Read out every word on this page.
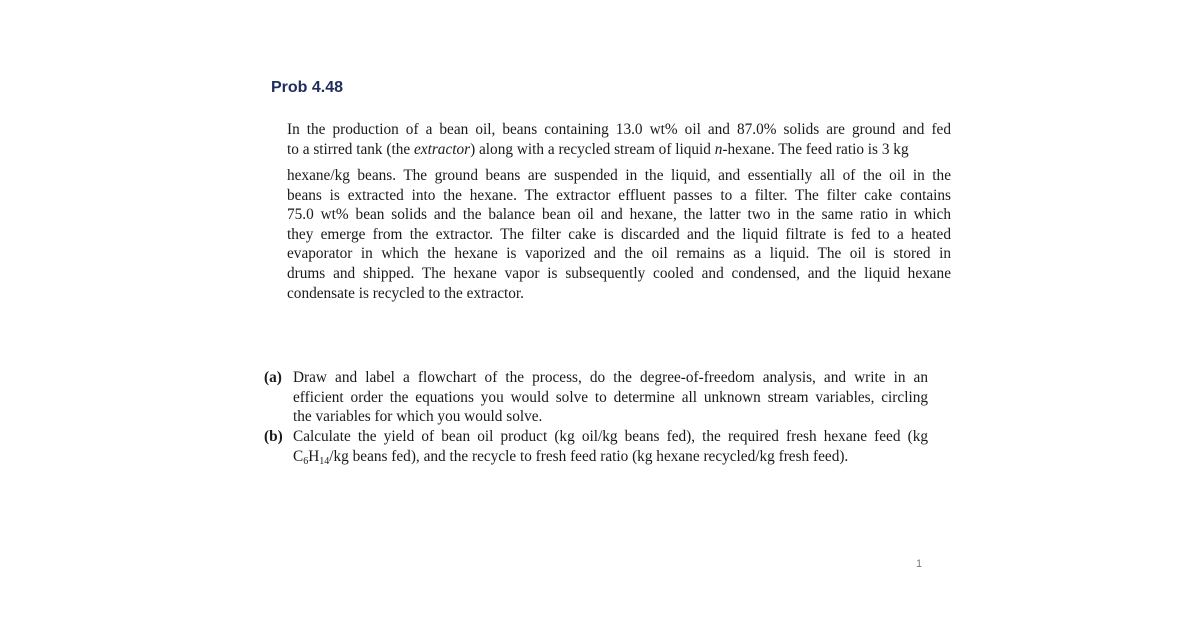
Prob 4.48
In the production of a bean oil, beans containing 13.0 wt% oil and 87.0% solids are ground and fed
to a stirred tank (the extractor) along with a recycled stream of liquid n-hexane. The feed ratio is 3 kg
hexane/kg beans. The ground beans are suspended in the liquid, and essentially all of the oil in the
beans is extracted into the hexane. The extractor effluent passes to a filter. The filter cake contains
75.0 wt% bean solids and the balance bean oil and hexane, the latter two in the same ratio in which
they emerge from the extractor. The filter cake is discarded and the liquid filtrate is fed to a heated
evaporator in which the hexane is vaporized and the oil remains as a liquid. The oil is stored in
drums and shipped. The hexane vapor is subsequently cooled and condensed, and the liquid hexane
condensate is recycled to the extractor.
(a) Draw and label a flowchart of the process, do the degree-of-freedom analysis, and write in an
efficient order the equations you would solve to determine all unknown stream variables, circling
the variables for which you would solve.
(b) Calculate the yield of bean oil product (kg oil/kg beans fed), the required fresh hexane feed (kg
$C_6H_{14}/kg$ beans fed), and the recycle to fresh feed ratio (kg hexane recycled/kg fresh feed).
1
